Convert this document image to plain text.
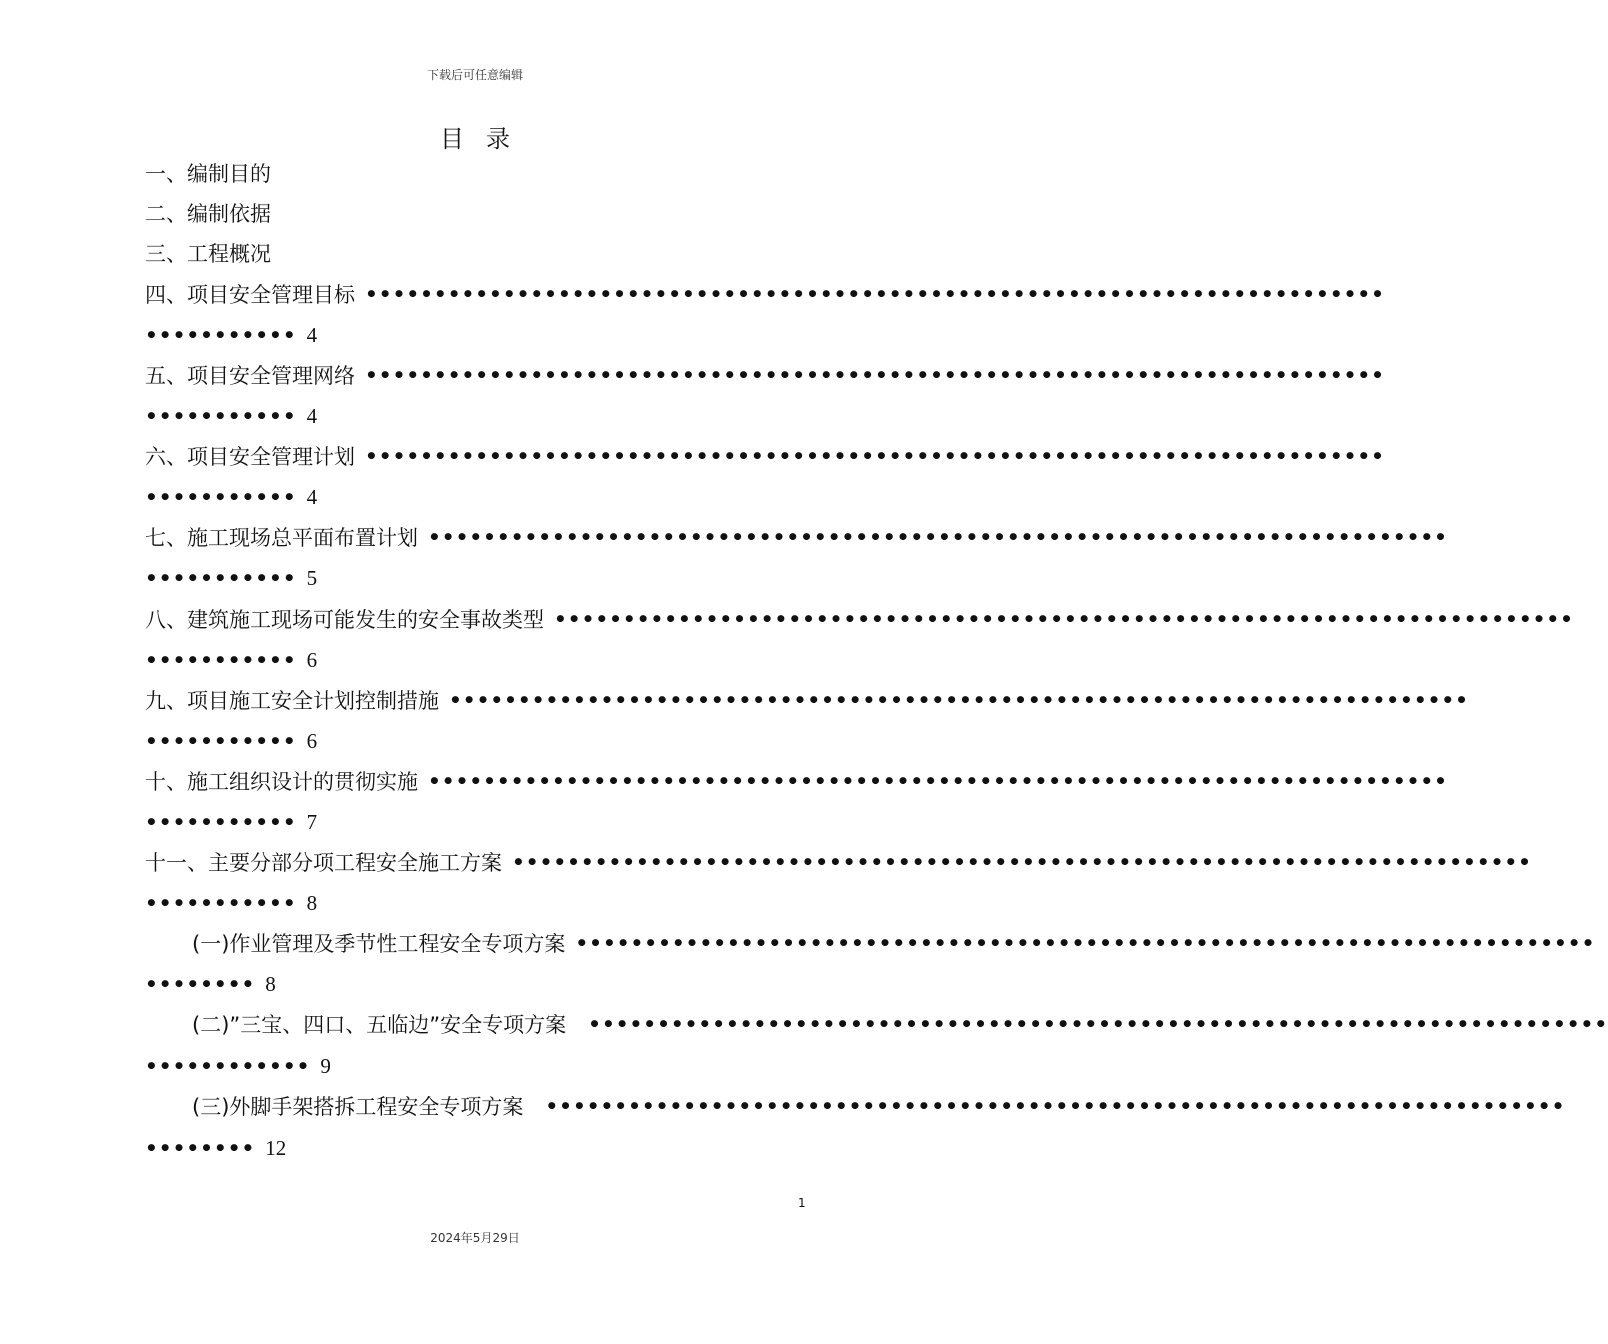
下载后可任意编辑
目录
一、编制目的
二、编制依据
三、工程概况
四、项目安全管理目标 ••••••••••••••••••••••••••••••••••••••••••••••••••••••••••••••••••••••••••
••••••••••• 4
五、项目安全管理网络 ••••••••••••••••••••••••••••••••••••••••••••••••••••••••••••••••••••••••••
••••••••••• 4
六、项目安全管理计划 ••••••••••••••••••••••••••••••••••••••••••••••••••••••••••••••••••••••••••
••••••••••• 4
七、施工现场总平面布置计划 ••••••••••••••••••••••••••••••••••••••••••••••••••••••••••••••••••••••••••
••••••••••• 5
八、建筑施工现场可能发生的安全事故类型 ••••••••••••••••••••••••••••••••••••••••••••••••••••••••••••••••••••••••••
••••••••••• 6
九、项目施工安全计划控制措施 ••••••••••••••••••••••••••••••••••••••••••••••••••••••••••••••••••••••••••
••••••••••• 6
十、施工组织设计的贯彻实施 ••••••••••••••••••••••••••••••••••••••••••••••••••••••••••••••••••••••••••
••••••••••• 7
十一、主要分部分项工程安全施工方案 ••••••••••••••••••••••••••••••••••••••••••••••••••••••••••••••••••••••••••
••••••••••• 8
(一)作业管理及季节性工程安全专项方案 ••••••••••••••••••••••••••••••••••••••••••••••••••••••••••••••••••••••••••
•••••••• 8
(二)”三宝、四口、五临边”安全专项方案 ••••••••••••••••••••••••••••••••••••••••••••••••••••••••••••••••••••••••••
•••••••••••• 9
(三)外脚手架搭拆工程安全专项方案 ••••••••••••••••••••••••••••••••••••••••••••••••••••••••••••••••••••••••••
•••••••• 12
1
2024年5月29日
